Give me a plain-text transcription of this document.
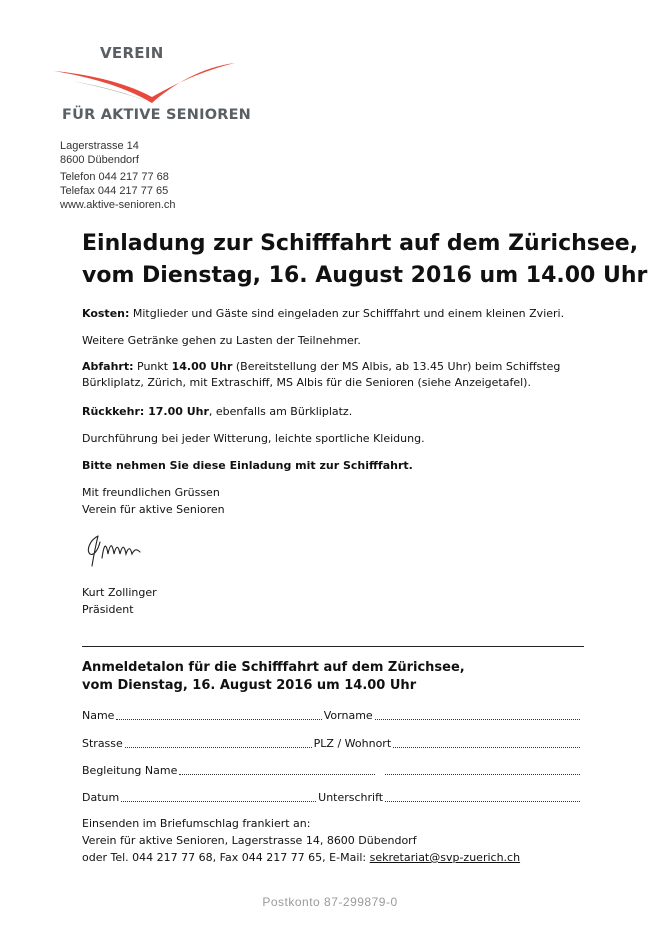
VEREIN
FÜR AKTIVE SENIOREN
Lagerstrasse 14
8600 Dübendorf
Telefon 044 217 77 68
Telefax 044 217 77 65
www.aktive-senioren.ch
Einladung zur Schifffahrt auf dem Zürichsee,
vom Dienstag, 16. August 2016 um 14.00 Uhr
Kosten: Mitglieder und Gäste sind eingeladen zur Schifffahrt und einem kleinen Zvieri.
Weitere Getränke gehen zu Lasten der Teilnehmer.
Abfahrt: Punkt 14.00 Uhr (Bereitstellung der MS Albis, ab 13.45 Uhr) beim Schiffsteg
Bürkliplatz, Zürich, mit Extraschiff, MS Albis für die Senioren (siehe Anzeigetafel).
Rückkehr: 17.00 Uhr, ebenfalls am Bürkliplatz.
Durchführung bei jeder Witterung, leichte sportliche Kleidung.
Bitte nehmen Sie diese Einladung mit zur Schifffahrt.
Mit freundlichen Grüssen
Verein für aktive Senioren
Kurt Zollinger
Präsident
Anmeldetalon für die Schifffahrt auf dem Zürichsee,
vom Dienstag, 16. August 2016 um 14.00 Uhr
Name	Vorname
Strasse	PLZ / Wohnort
Begleitung Name
Datum	Unterschrift
Einsenden im Briefumschlag frankiert an:
Verein für aktive Senioren, Lagerstrasse 14, 8600 Dübendorf
oder Tel. 044 217 77 68, Fax 044 217 77 65, E-Mail: sekretariat@svp-zuerich.ch
Postkonto 87-299879-0
